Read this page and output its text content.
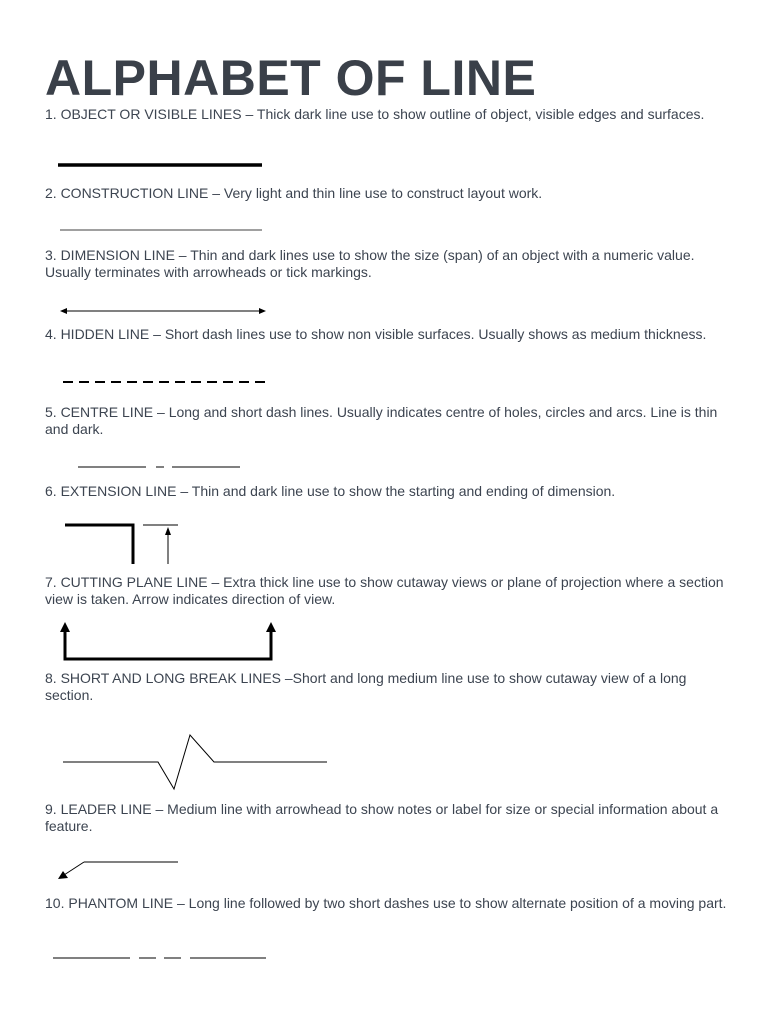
ALPHABET OF LINE
1. OBJECT OR VISIBLE LINES – Thick dark line use to show outline of object, visible edges and surfaces.
2. CONSTRUCTION LINE – Very light and thin line use to construct layout work.
3. DIMENSION LINE – Thin and dark lines use to show the size (span) of an object with a numeric value. Usually terminates with arrowheads or tick markings.
4. HIDDEN LINE – Short dash lines use to show non visible surfaces. Usually shows as medium thickness.
5. CENTRE LINE – Long and short dash lines. Usually indicates centre of holes, circles and arcs. Line is thin and dark.
6. EXTENSION LINE – Thin and dark line use to show the starting and ending of dimension.
7. CUTTING PLANE LINE – Extra thick line use to show cutaway views or plane of projection where a section view is taken. Arrow indicates direction of view.
8. SHORT AND LONG BREAK LINES –Short and long medium line use to show cutaway view of a long section.
9. LEADER LINE – Medium line with arrowhead to show notes or label for size or special information about a feature.
10. PHANTOM LINE – Long line followed by two short dashes use to show alternate position of a moving part.
